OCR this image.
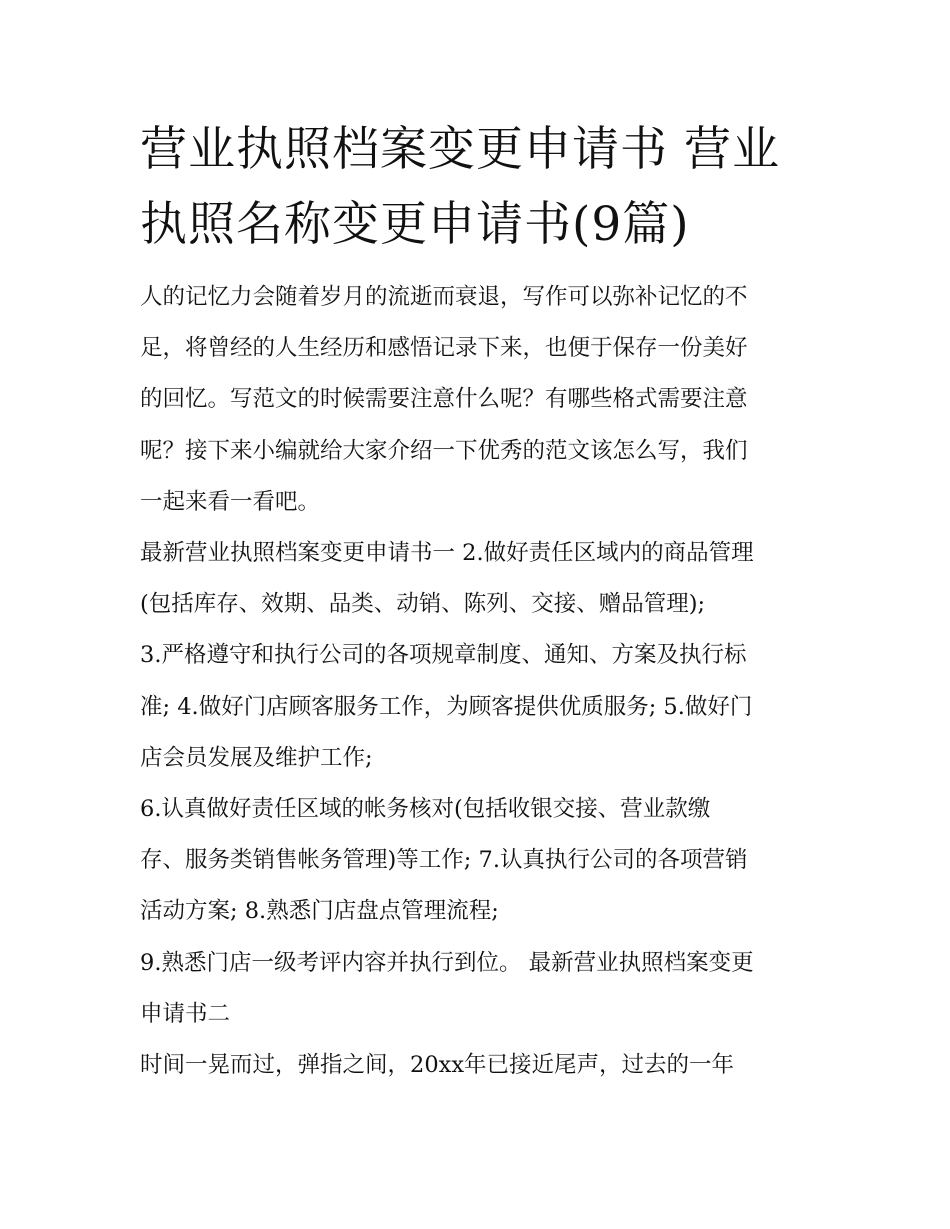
营业执照档案变更申请书 营业
执照名称变更申请书(9篇)

人的记忆力会随着岁月的流逝而衰退，写作可以弥补记忆的不
足，将曾经的人生经历和感悟记录下来，也便于保存一份美好
的回忆。写范文的时候需要注意什么呢？有哪些格式需要注意
呢？接下来小编就给大家介绍一下优秀的范文该怎么写，我们
一起来看一看吧。

最新营业执照档案变更申请书一 2.做好责任区域内的商品管理
(包括库存、效期、品类、动销、陈列、交接、赠品管理);

3.严格遵守和执行公司的各项规章制度、通知、方案及执行标
准; 4.做好门店顾客服务工作，为顾客提供优质服务; 5.做好门
店会员发展及维护工作;

6.认真做好责任区域的帐务核对(包括收银交接、营业款缴
存、服务类销售帐务管理)等工作; 7.认真执行公司的各项营销
活动方案; 8.熟悉门店盘点管理流程;

9.熟悉门店一级考评内容并执行到位。 最新营业执照档案变更
申请书二

时间一晃而过，弹指之间，20xx年已接近尾声，过去的一年
